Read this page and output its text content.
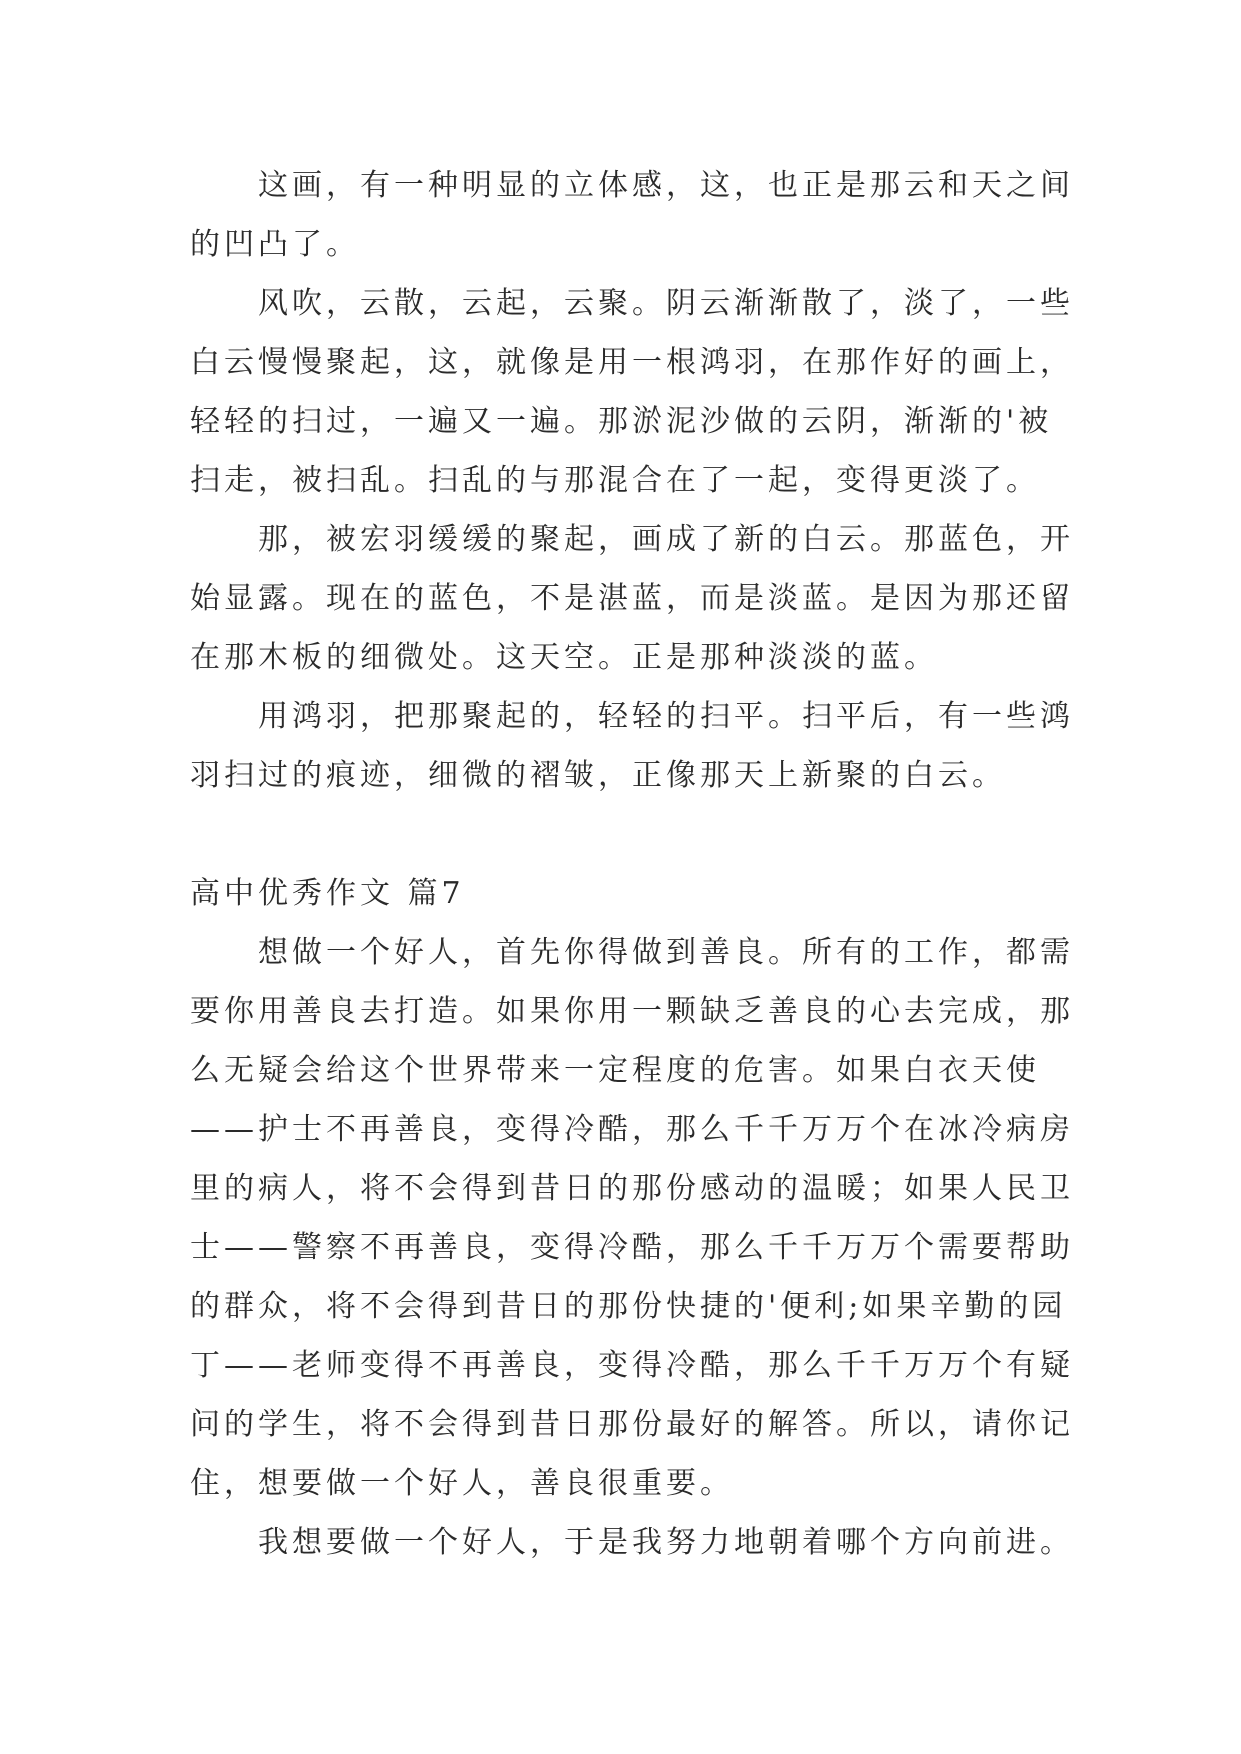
这画，有一种明显的立体感，这，也正是那云和天之间
的凹凸了。
风吹，云散，云起，云聚。阴云渐渐散了，淡了，一些
白云慢慢聚起，这，就像是用一根鸿羽，在那作好的画上，
轻轻的扫过，一遍又一遍。那淤泥沙做的云阴，渐渐的'被
扫走，被扫乱。扫乱的与那混合在了一起，变得更淡了。
那，被宏羽缓缓的聚起，画成了新的白云。那蓝色，开
始显露。现在的蓝色，不是湛蓝，而是淡蓝。是因为那还留
在那木板的细微处。这天空。正是那种淡淡的蓝。
用鸿羽，把那聚起的，轻轻的扫平。扫平后，有一些鸿
羽扫过的痕迹，细微的褶皱，正像那天上新聚的白云。
高中优秀作文 篇7
想做一个好人，首先你得做到善良。所有的工作，都需
要你用善良去打造。如果你用一颗缺乏善良的心去完成，那
么无疑会给这个世界带来一定程度的危害。如果白衣天使
——护士不再善良，变得冷酷，那么千千万万个在冰冷病房
里的病人，将不会得到昔日的那份感动的温暖；如果人民卫
士——警察不再善良，变得冷酷，那么千千万万个需要帮助
的群众，将不会得到昔日的那份快捷的'便利;如果辛勤的园
丁——老师变得不再善良，变得冷酷，那么千千万万个有疑
问的学生，将不会得到昔日那份最好的解答。所以，请你记
住，想要做一个好人，善良很重要。
我想要做一个好人，于是我努力地朝着哪个方向前进。
